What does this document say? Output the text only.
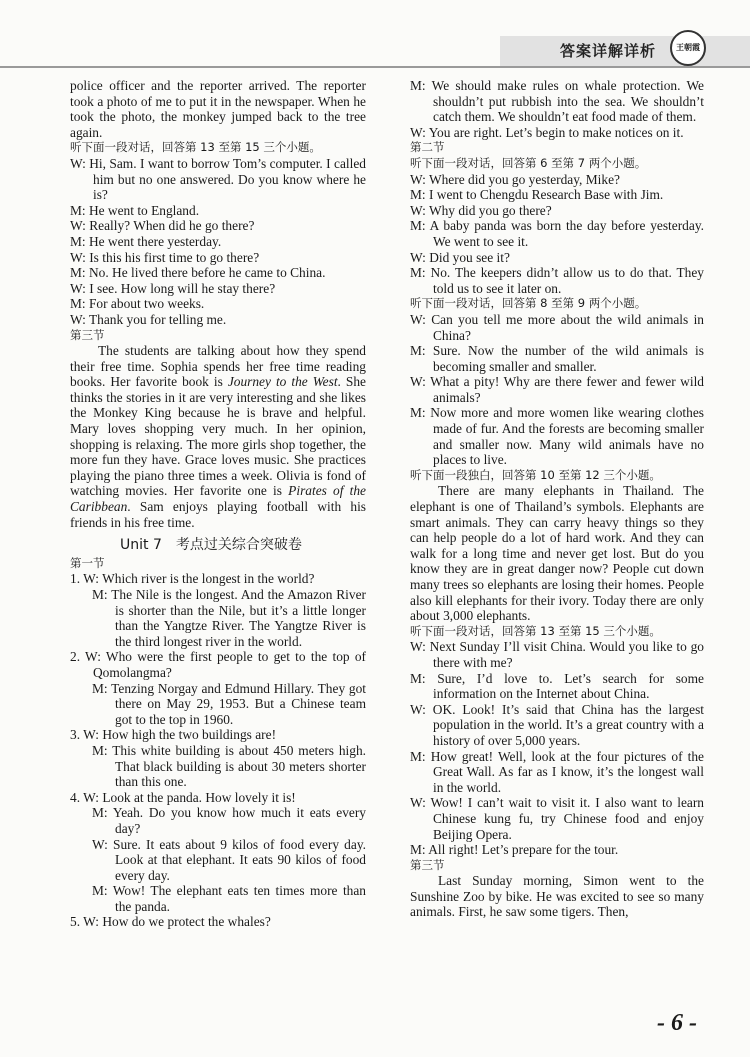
答案详解详析	王朝霞

police officer and the reporter arrived. The reporter took a photo of me to put it in the newspaper. When he took the photo, the monkey jumped back to the tree again.

听下面一段对话，回答第 13 至第 15 三个小题。

W: Hi, Sam. I want to borrow Tom’s computer. I called him but no one answered. Do you know where he is?

M: He went to England.

W: Really? When did he go there?

M: He went there yesterday.

W: Is this his first time to go there?

M: No. He lived there before he came to China.

W: I see. How long will he stay there?

M: For about two weeks.

W: Thank you for telling me.

第三节

The students are talking about how they spend their free time. Sophia spends her free time reading books. Her favorite book is Journey to the West. She thinks the stories in it are very interesting and she likes the Monkey King because he is brave and helpful. Mary loves shopping very much. In her opinion, shopping is relaxing. The more girls shop together, the more fun they have. Grace loves music. She practices playing the piano three times a week. Olivia is fond of watching movies. Her favorite one is Pirates of the Caribbean. Sam enjoys playing football with his friends in his free time.

Unit 7　考点过关综合突破卷

第一节

1. W: Which river is the longest in the world?

M: The Nile is the longest. And the Amazon River is shorter than the Nile, but it’s a little longer than the Yangtze River. The Yangtze River is the third longest river in the world.

2. W: Who were the first people to get to the top of Qomolangma?

M: Tenzing Norgay and Edmund Hillary. They got there on May 29, 1953. But a Chinese team got to the top in 1960.

3. W: How high the two buildings are!

M: This white building is about 450 meters high. That black building is about 30 meters shorter than this one.

4. W: Look at the panda. How lovely it is!

M: Yeah. Do you know how much it eats every day?

W: Sure. It eats about 9 kilos of food every day. Look at that elephant. It eats 90 kilos of food every day.

M: Wow! The elephant eats ten times more than the panda.

5. W: How do we protect the whales?

M: We should make rules on whale protection. We shouldn’t put rubbish into the sea. We shouldn’t catch them. We shouldn’t eat food made of them.

W: You are right. Let’s begin to make notices on it.

第二节

听下面一段对话，回答第 6 至第 7 两个小题。

W: Where did you go yesterday, Mike?

M: I went to Chengdu Research Base with Jim.

W: Why did you go there?

M: A baby panda was born the day before yesterday. We went to see it.

W: Did you see it?

M: No. The keepers didn’t allow us to do that. They told us to see it later on.

听下面一段对话，回答第 8 至第 9 两个小题。

W: Can you tell me more about the wild animals in China?

M: Sure. Now the number of the wild animals is becoming smaller and smaller.

W: What a pity! Why are there fewer and fewer wild animals?

M: Now more and more women like wearing clothes made of fur. And the forests are becoming smaller and smaller now. Many wild animals have no places to live.

听下面一段独白，回答第 10 至第 12 三个小题。

There are many elephants in Thailand. The elephant is one of Thailand’s symbols. Elephants are smart animals. They can carry heavy things so they can help people do a lot of hard work. And they can walk for a long time and never get lost. But do you know they are in great danger now? People cut down many trees so elephants are losing their homes. People also kill elephants for their ivory. Today there are only about 3,000 elephants.

听下面一段对话，回答第 13 至第 15 三个小题。

W: Next Sunday I’ll visit China. Would you like to go there with me?

M: Sure, I’d love to. Let’s search for some information on the Internet about China.

W: OK. Look! It’s said that China has the largest population in the world. It’s a great country with a history of over 5,000 years.

M: How great! Well, look at the four pictures of the Great Wall. As far as I know, it’s the longest wall in the world.

W: Wow! I can’t wait to visit it. I also want to learn Chinese kung fu, try Chinese food and enjoy Beijing Opera.

M: All right! Let’s prepare for the tour.

第三节

Last Sunday morning, Simon went to the Sunshine Zoo by bike. He was excited to see so many animals. First, he saw some tigers. Then,

- 6 -
